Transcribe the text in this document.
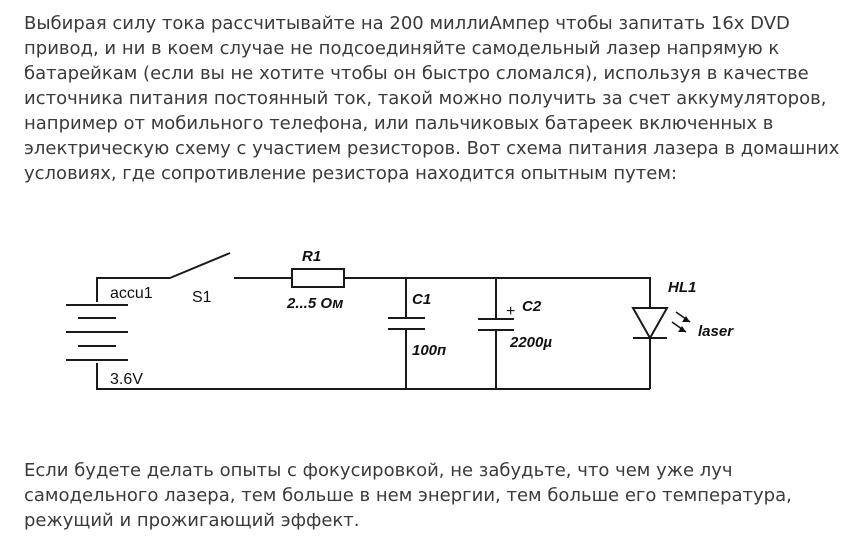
Выбирая силу тока рассчитывайте на 200 миллиАмпер чтобы запитать 16х DVD привод, и ни в коем случае не подсоединяйте самодельный лазер напрямую к батарейкам (если вы не хотите чтобы он быстро сломался), используя в качестве источника питания постоянный ток, такой можно получить за счет аккумуляторов, например от мобильного телефона, или пальчиковых батареек включенных в электрическую схему с участием резисторов. Вот схема питания лазера в домашних условиях, где сопротивление резистора находится опытным путем:

accu1
3.6V
S1
R1
2...5 Ом	C1
100п
+ C2
2200µ
HL1
laser

Если будете делать опыты с фокусировкой, не забудьте, что чем уже луч самодельного лазера, тем больше в нем энергии, тем больше его температура, режущий и прожигающий эффект.
